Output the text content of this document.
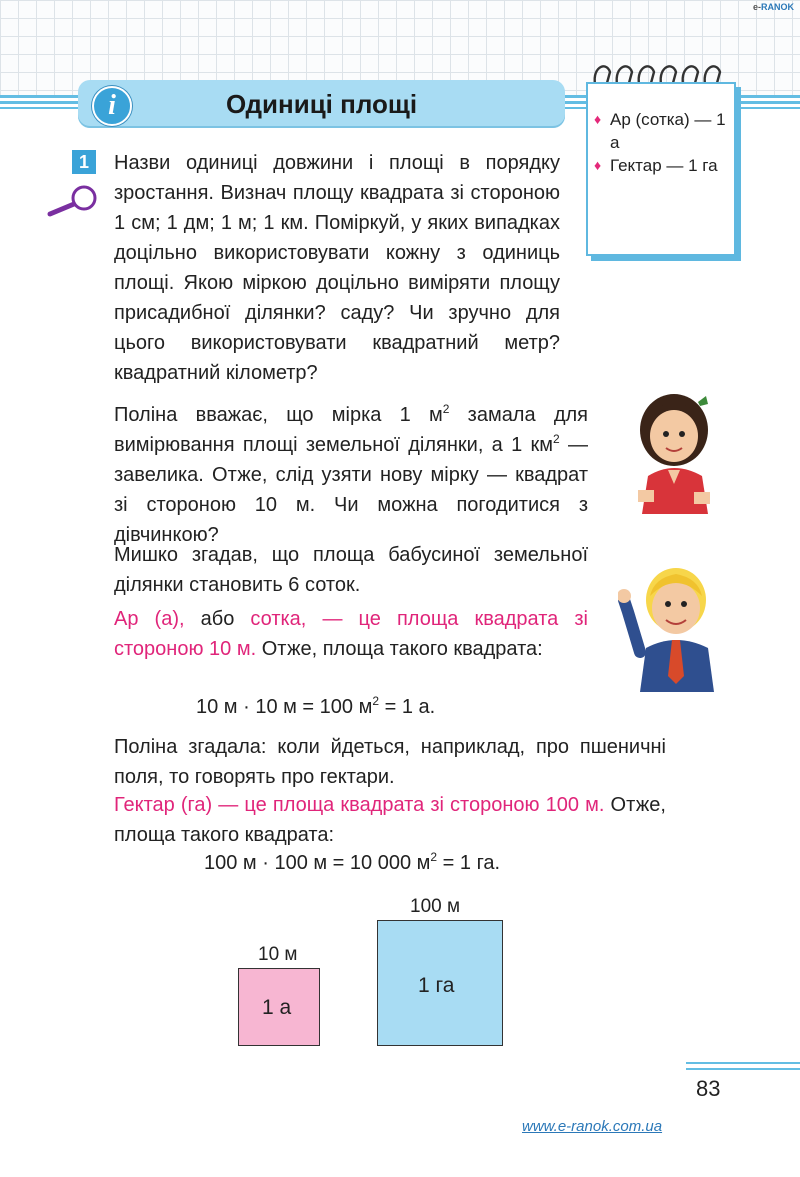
e-RANOK
i	Одиниці площі	♦ Ар (сотка) — 1 а
♦ Гектар — 1 га
1	Назви одиниці довжини і площі в порядку зростання. Визнач площу квадрата зі стороною 1 см; 1 дм; 1 м; 1 км. Поміркуй, у яких випадках доцільно використовувати кожну з одиниць площі. Якою міркою доцільно виміряти площу присадибної ділянки? саду? Чи зручно для цього використовувати квадратний метр? квадратний кілометр?
Поліна вважає, що мірка 1 $м^2$ замала для вимірювання площі земельної ділянки, а 1 $км^2$ — завелика. Отже, слід узяти нову мірку — квадрат зі стороною 10 м. Чи можна погодитися з дівчинкою?
Мишко згадав, що площа бабусиної земельної ділянки становить 6 соток.
Ар (а), або сотка, — це площа квадрата зі стороною 10 м. Отже, площа такого квадрата:
10 м · 10 м = 100 $м^2 = 1$ а.
Поліна згадала: коли йдеться, наприклад, про пшеничні поля, то говорять про гектари.
Гектар (га) — це площа квадрата зі стороною 100 м. Отже, площа такого квадрата:
100 м · 100 м = 10 000 $м^2 = 1$ га.
10 м
1 а
100 м
1 га
83
www.e-ranok.com.ua
